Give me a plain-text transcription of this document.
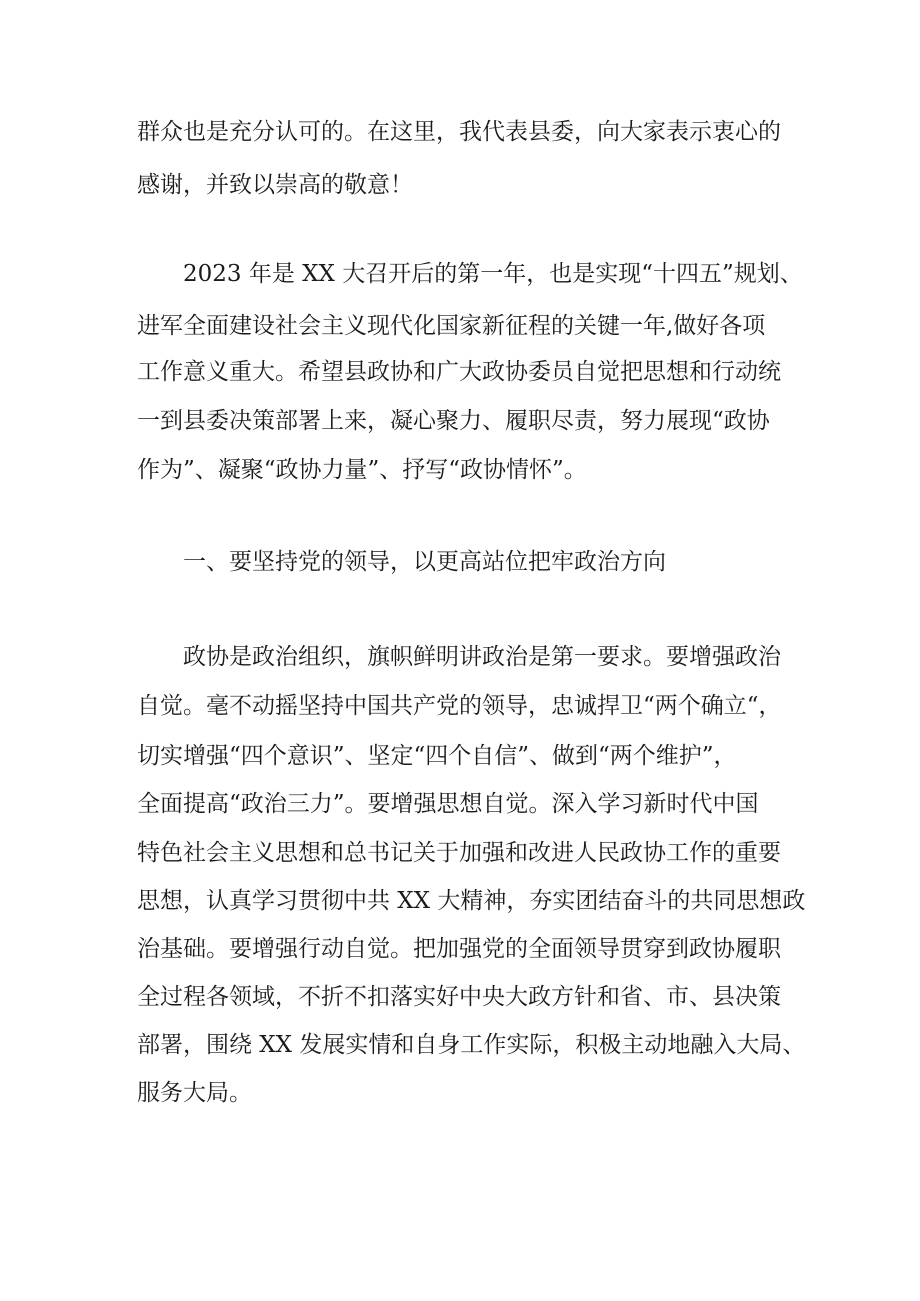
群众也是充分认可的。在这里，我代表县委，向大家表示衷心的
感谢，并致以崇高的敬意！
2023 年是 XX 大召开后的第一年，也是实现“十四五”规划、
进军全面建设社会主义现代化国家新征程的关键一年,做好各项
工作意义重大。希望县政协和广大政协委员自觉把思想和行动统
一到县委决策部署上来，凝心聚力、履职尽责，努力展现“政协
作为”、凝聚“政协力量”、抒写“政协情怀”。
一、要坚持党的领导，以更高站位把牢政治方向
政协是政治组织，旗帜鲜明讲政治是第一要求。要增强政治
自觉。毫不动摇坚持中国共产党的领导，忠诚捍卫“两个确立“，
切实增强“四个意识”、坚定“四个自信”、做到“两个维护”，
全面提高“政治三力”。要增强思想自觉。深入学习新时代中国
特色社会主义思想和总书记关于加强和改进人民政协工作的重要
思想，认真学习贯彻中共 XX 大精神，夯实团结奋斗的共同思想政
治基础。要增强行动自觉。把加强党的全面领导贯穿到政协履职
全过程各领域，不折不扣落实好中央大政方针和省、市、县决策
部署，围绕 XX 发展实情和自身工作实际，积极主动地融入大局、
服务大局。
